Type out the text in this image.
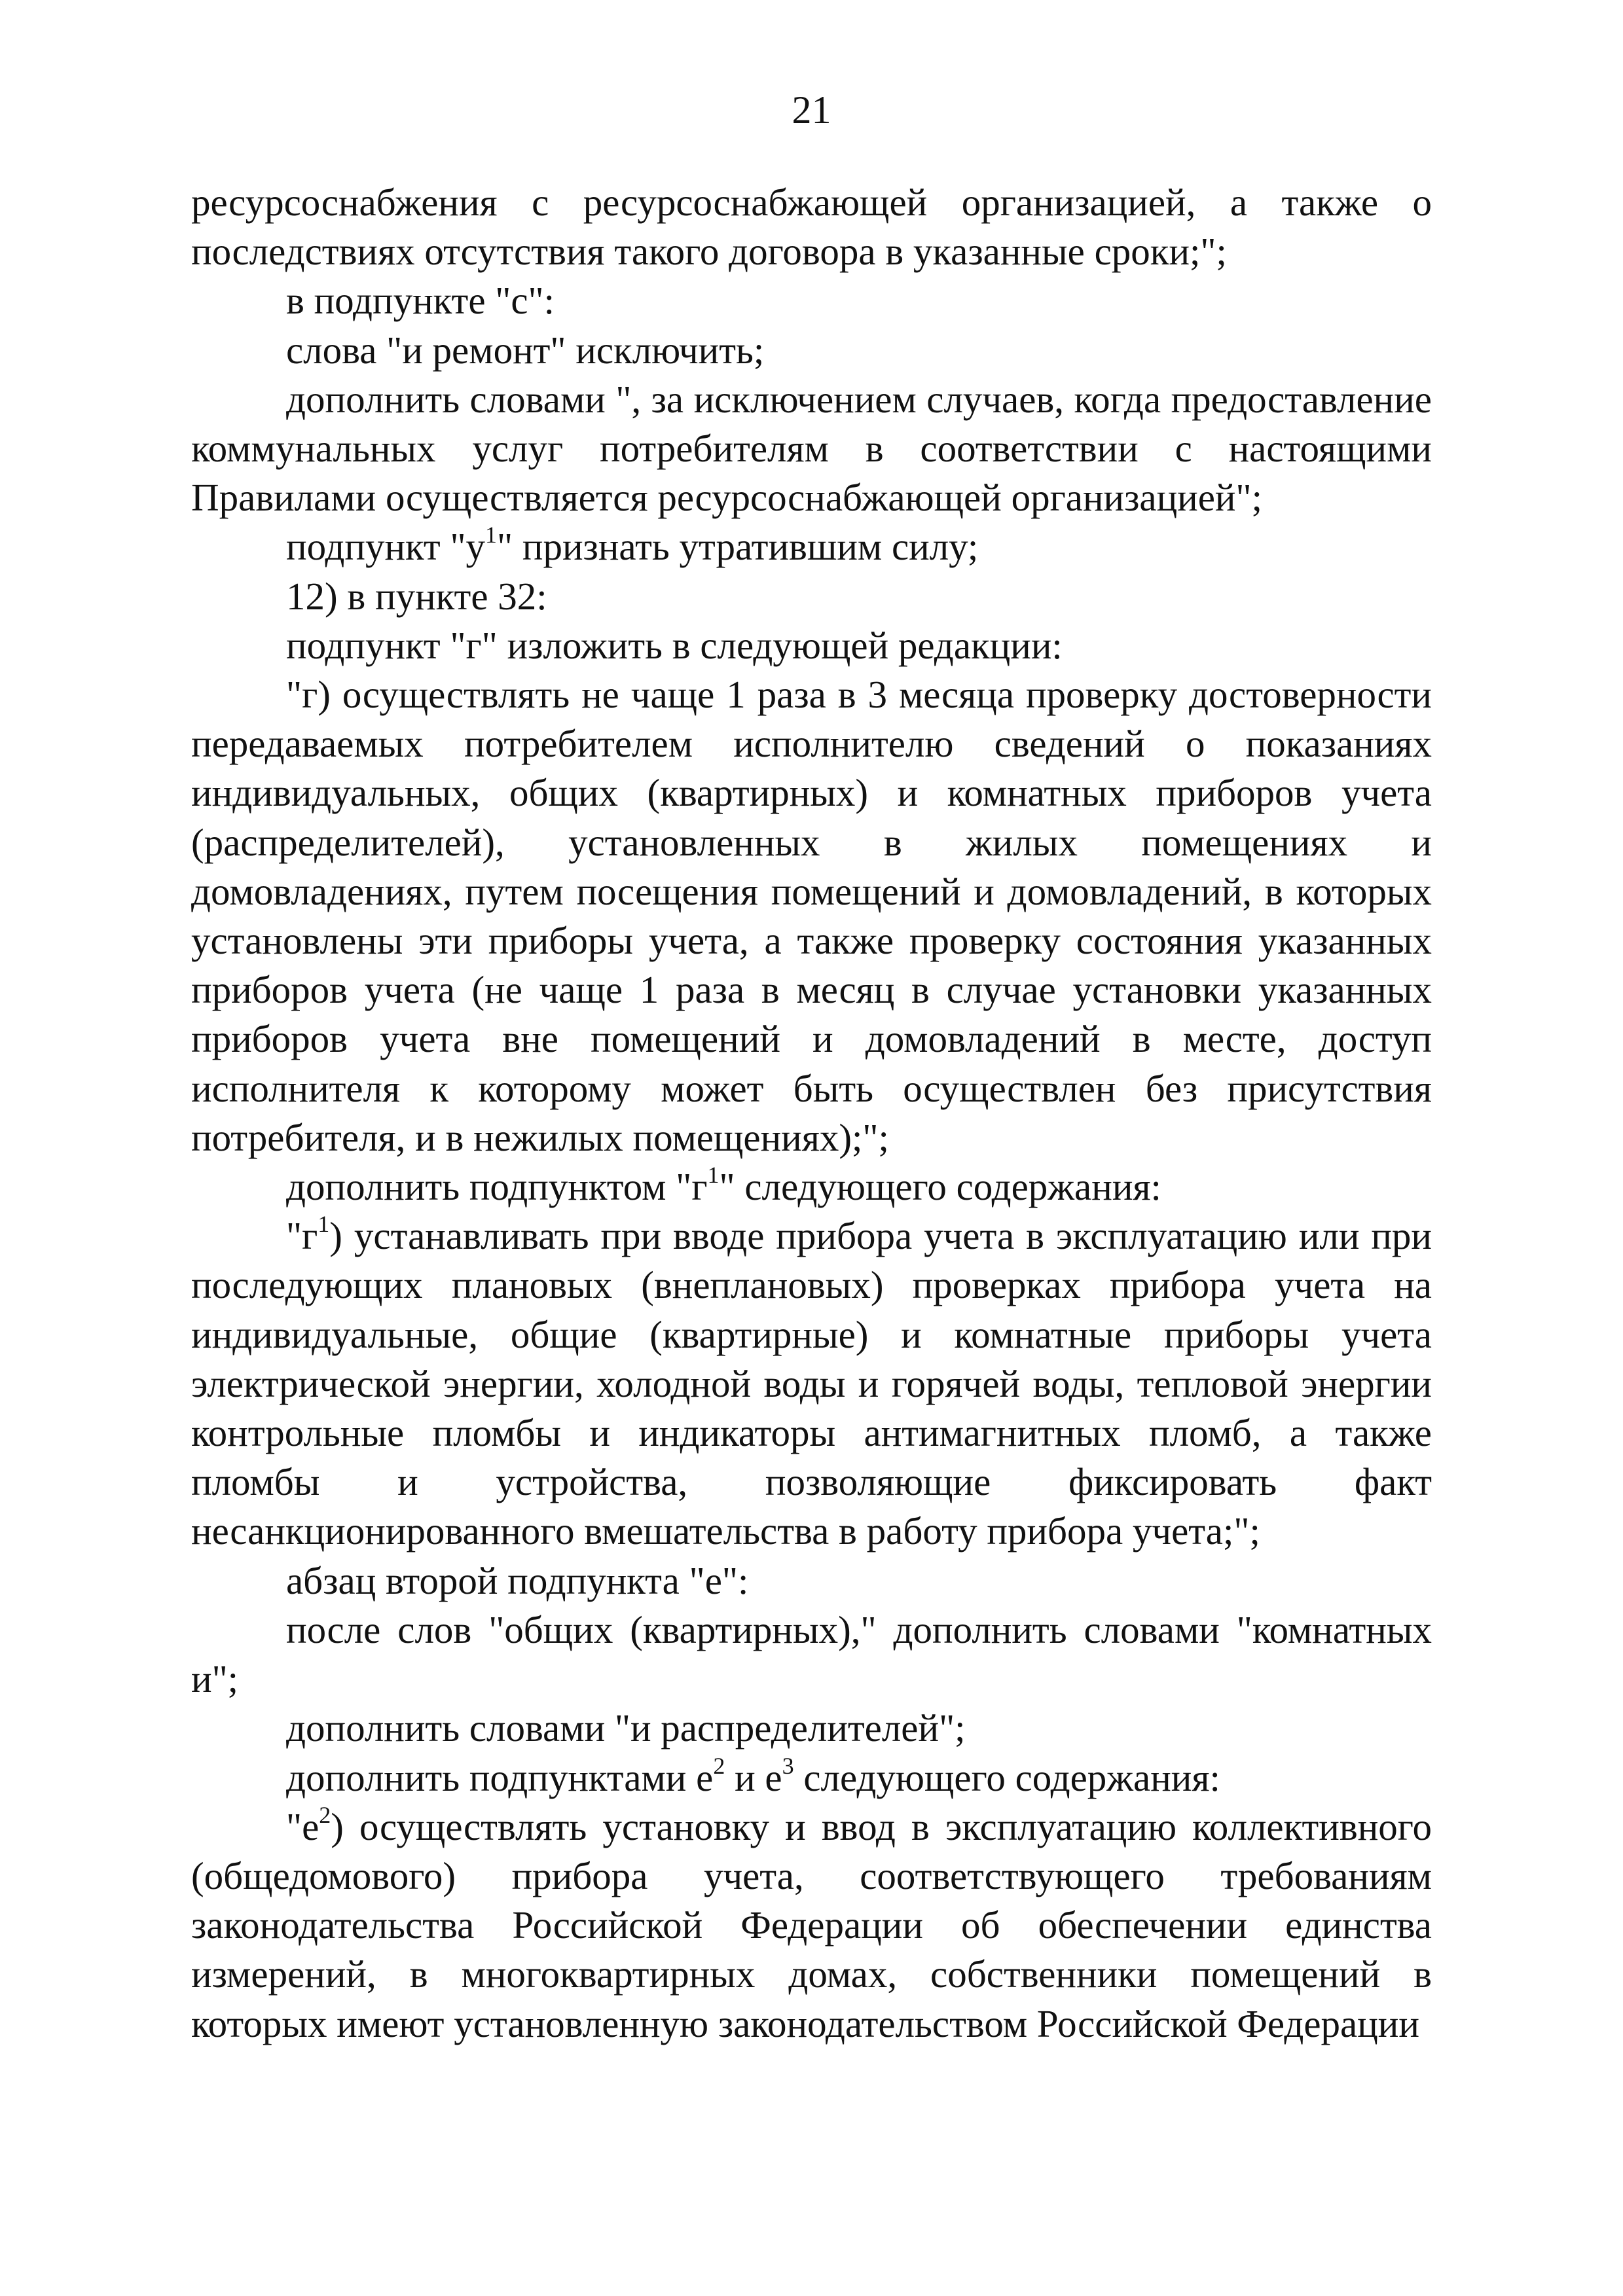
21

ресурсоснабжения с ресурсоснабжающей организацией, а также о последствиях отсутствия такого договора в указанные сроки;";

в подпункте "с":

слова "и ремонт" исключить;

дополнить словами ", за исключением случаев, когда предоставление коммунальных услуг потребителям в соответствии с настоящими Правилами осуществляется ресурсоснабжающей организацией";

подпункт "$у^1$" признать утратившим силу;

12) в пункте 32:

подпункт "г" изложить в следующей редакции:

"г) осуществлять не чаще 1 раза в 3 месяца проверку достоверности передаваемых потребителем исполнителю сведений о показаниях индивидуальных, общих (квартирных) и комнатных приборов учета (распределителей), установленных в жилых помещениях и домовладениях, путем посещения помещений и домовладений, в которых установлены эти приборы учета, а также проверку состояния указанных приборов учета (не чаще 1 раза в месяц в случае установки указанных приборов учета вне помещений и домовладений в месте, доступ исполнителя к которому может быть осуществлен без присутствия потребителя, и в нежилых помещениях);";

дополнить подпунктом "$г^1$" следующего содержания:

"$г^1$) устанавливать при вводе прибора учета в эксплуатацию или при последующих плановых (внеплановых) проверках прибора учета на индивидуальные, общие (квартирные) и комнатные приборы учета электрической энергии, холодной воды и горячей воды, тепловой энергии контрольные пломбы и индикаторы антимагнитных пломб, а также пломбы и устройства, позволяющие фиксировать факт несанкционированного вмешательства в работу прибора учета;";

абзац второй подпункта "е":

после слов "общих (квартирных)," дополнить словами "комнатных и";

дополнить словами "и распределителей";

дополнить подпунктами $е^2$ и $е^3$ следующего содержания:

"$е^2$) осуществлять установку и ввод в эксплуатацию коллективного (общедомового) прибора учета, соответствующего требованиям законодательства Российской Федерации об обеспечении единства измерений, в многоквартирных домах, собственники помещений в которых имеют установленную законодательством Российской Федерации
